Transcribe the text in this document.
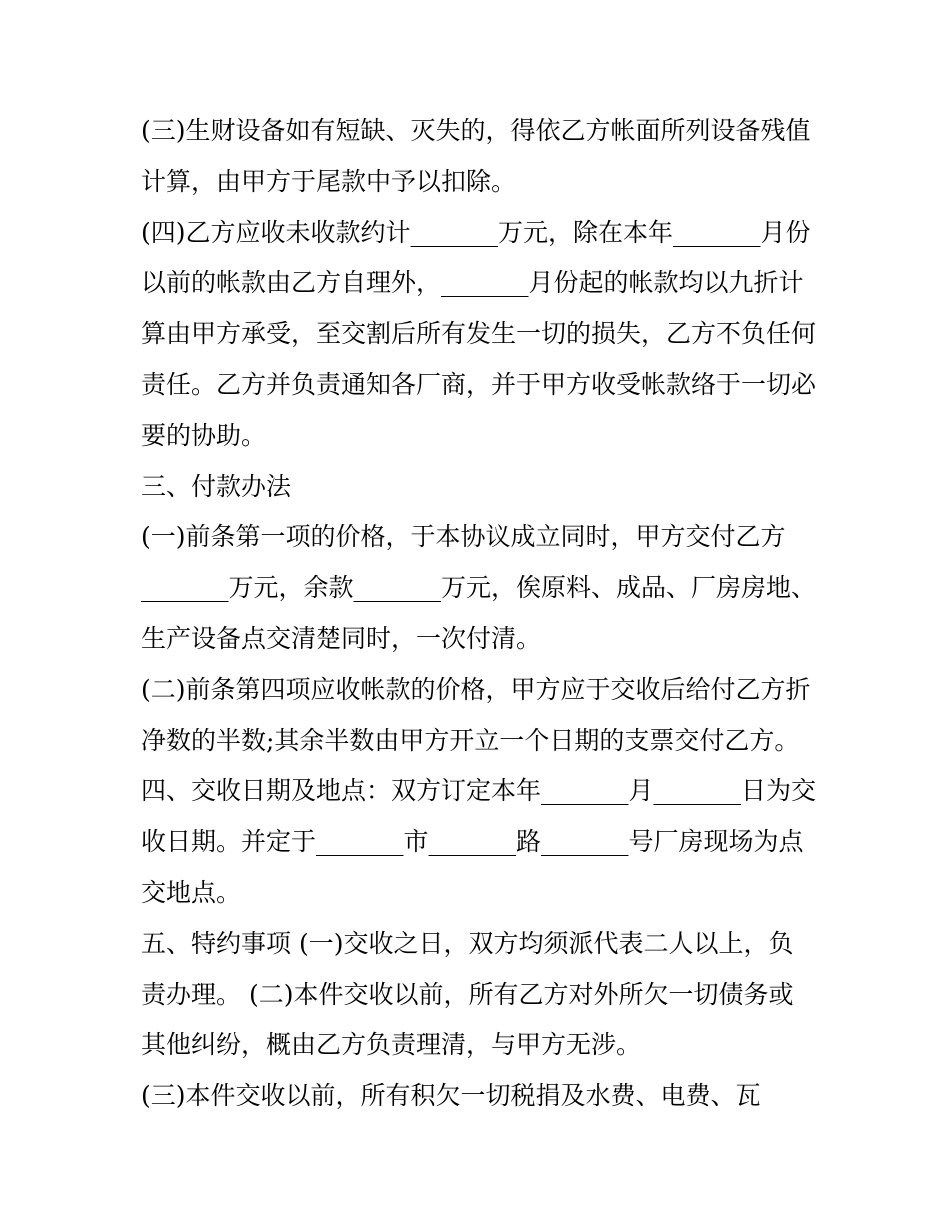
(三)生财设备如有短缺、灭失的，得依乙方帐面所列设备残值
计算，由甲方于尾款中予以扣除。
(四)乙方应收未收款约计_______万元，除在本年_______月份
以前的帐款由乙方自理外，_______月份起的帐款均以九折计
算由甲方承受，至交割后所有发生一切的损失，乙方不负任何
责任。乙方并负责通知各厂商，并于甲方收受帐款络于一切必
要的协助。
三、付款办法
(一)前条第一项的价格，于本协议成立同时，甲方交付乙方
_______万元，余款_______万元，俟原料、成品、厂房房地、
生产设备点交清楚同时，一次付清。
(二)前条第四项应收帐款的价格，甲方应于交收后给付乙方折
净数的半数;其余半数由甲方开立一个日期的支票交付乙方。
四、交收日期及地点：双方订定本年_______月_______日为交
收日期。并定于_______市_______路_______号厂房现场为点
交地点。
五、特约事项 (一)交收之日，双方均须派代表二人以上，负
责办理。 (二)本件交收以前，所有乙方对外所欠一切债务或
其他纠纷，概由乙方负责理清，与甲方无涉。
(三)本件交收以前，所有积欠一切税捐及水费、电费、瓦
